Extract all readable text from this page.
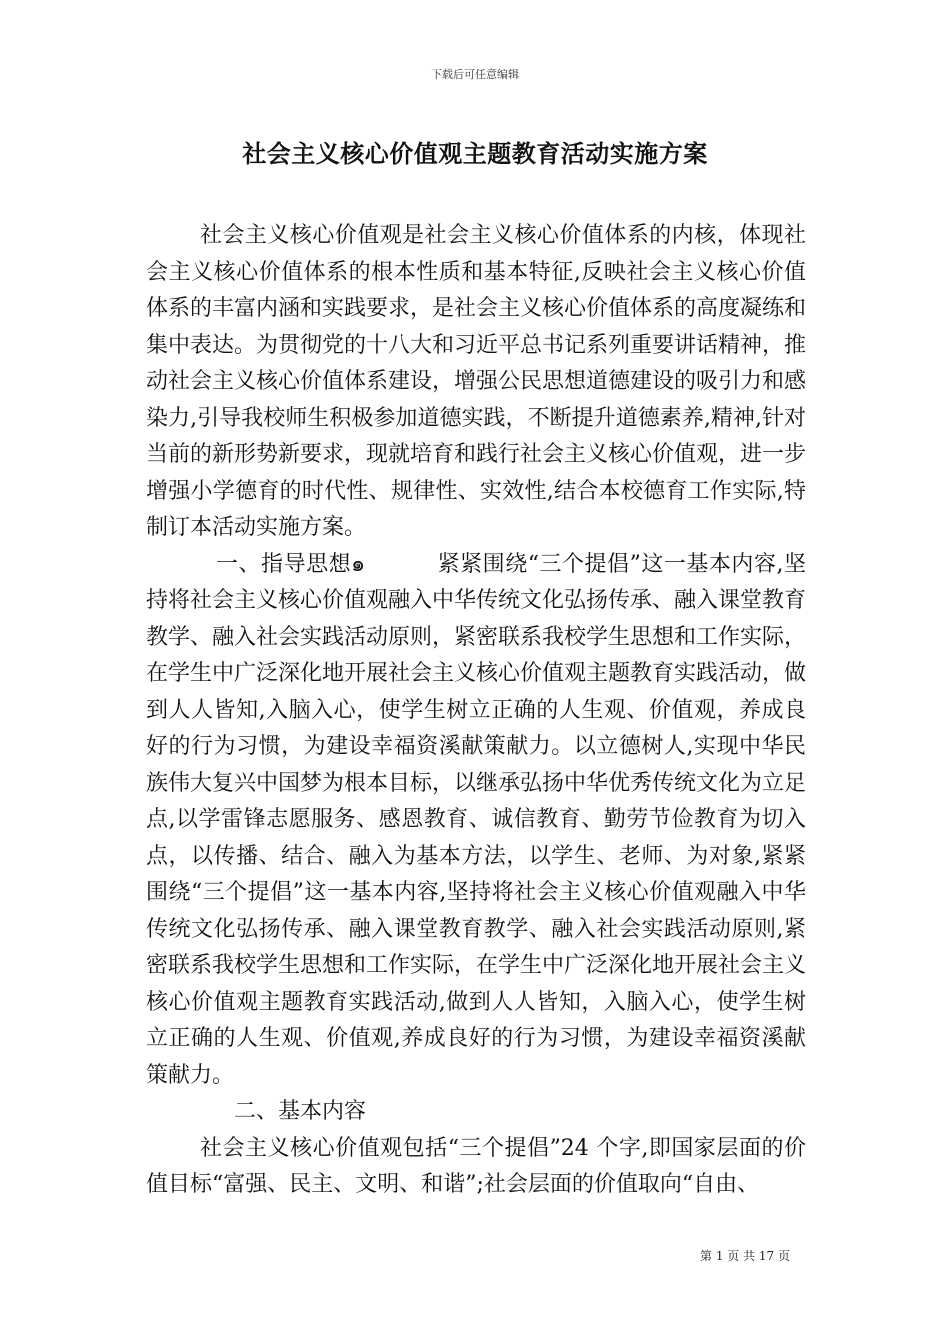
下载后可任意编辑
社会主义核心价值观主题教育活动实施方案

社会主义核心价值观是社会主义核心价值体系的内核，体现社会主义核心价值体系的根本性质和基本特征,反映社会主义核心价值体系的丰富内涵和实践要求，是社会主义核心价值体系的高度凝练和集中表达。为贯彻党的十八大和习近平总书记系列重要讲话精神，推动社会主义核心价值体系建设，增强公民思想道德建设的吸引力和感染力,引导我校师生积极参加道德实践，不断提升道德素养,精神,针对当前的新形势新要求，现就培育和践行社会主义核心价值观，进一步增强小学德育的时代性、规律性、实效性,结合本校德育工作实际,特制订本活动实施方案。

一、指导思想๑	紧紧围绕“三个提倡”这一基本内容,坚持将社会主义核心价值观融入中华传统文化弘扬传承、融入课堂教育教学、融入社会实践活动原则，紧密联系我校学生思想和工作实际，在学生中广泛深化地开展社会主义核心价值观主题教育实践活动，做到人人皆知,入脑入心，使学生树立正确的人生观、价值观，养成良好的行为习惯，为建设幸福资溪献策献力。以立德树人,实现中华民族伟大复兴中国梦为根本目标，以继承弘扬中华优秀传统文化为立足点,以学雷锋志愿服务、感恩教育、诚信教育、勤劳节俭教育为切入点，以传播、结合、融入为基本方法，以学生、老师、为对象,紧紧围绕“三个提倡”这一基本内容,坚持将社会主义核心价值观融入中华传统文化弘扬传承、融入课堂教育教学、融入社会实践活动原则,紧密联系我校学生思想和工作实际，在学生中广泛深化地开展社会主义核心价值观主题教育实践活动,做到人人皆知，入脑入心，使学生树立正确的人生观、价值观,养成良好的行为习惯，为建设幸福资溪献策献力。

二、基本内容

社会主义核心价值观包括“三个提倡”24 个字,即国家层面的价值目标“富强、民主、文明、和谐”;社会层面的价值取向“自由、

第 1 页 共 17 页
